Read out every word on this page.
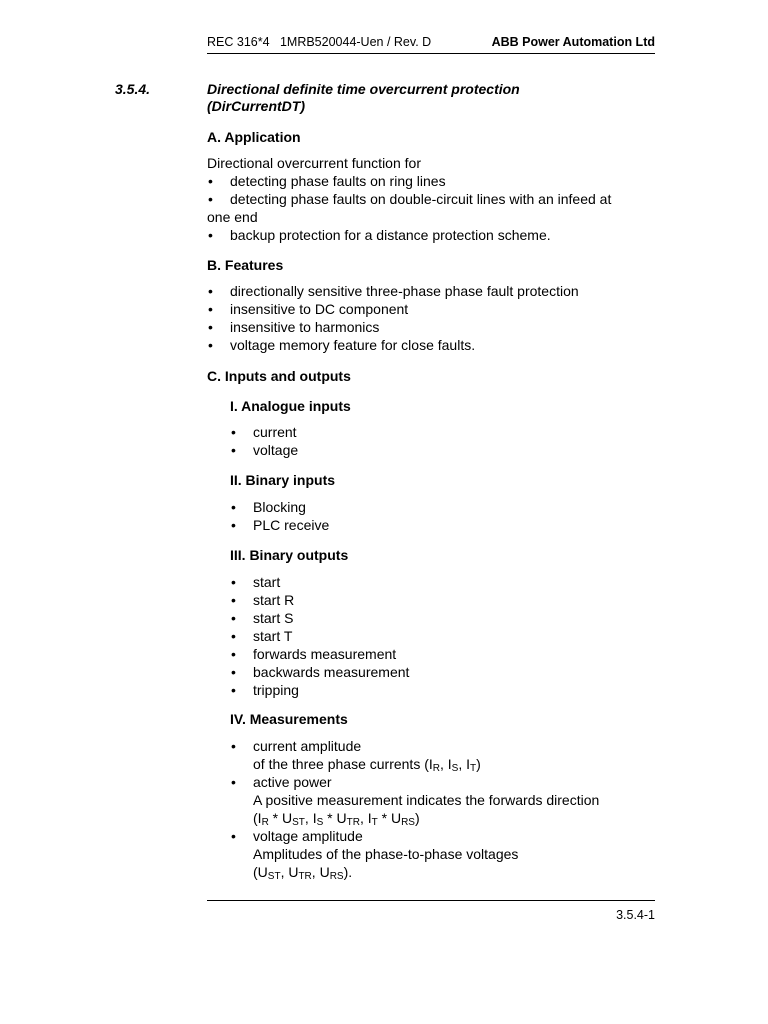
REC 316*4   1MRB520044-Uen / Rev. D	ABB Power Automation Ltd
3.5.4.	Directional definite time overcurrent protection
(DirCurrentDT)
A. Application
Directional overcurrent function for
• detecting phase faults on ring lines
• detecting phase faults on double-circuit lines with an infeed at
one end
• backup protection for a distance protection scheme.
B. Features
• directionally sensitive three-phase phase fault protection
• insensitive to DC component
• insensitive to harmonics
• voltage memory feature for close faults.
C. Inputs and outputs
I. Analogue inputs
• current
• voltage
II. Binary inputs
• Blocking
• PLC receive
III. Binary outputs
• start
• start R
• start S
• start T
• forwards measurement
• backwards measurement
• tripping
IV. Measurements
• current amplitude
of the three phase currents ($I_R$, $I_S$, $I_T$)
• active power
A positive measurement indicates the forwards direction
($I_R * U_{ST}$, $I_S * U_{TR}$, $I_T * U_{RS}$)
• voltage amplitude
Amplitudes of the phase-to-phase voltages
($U_{ST}$, $U_{TR}$, $U_{RS}$).
3.5.4-1
